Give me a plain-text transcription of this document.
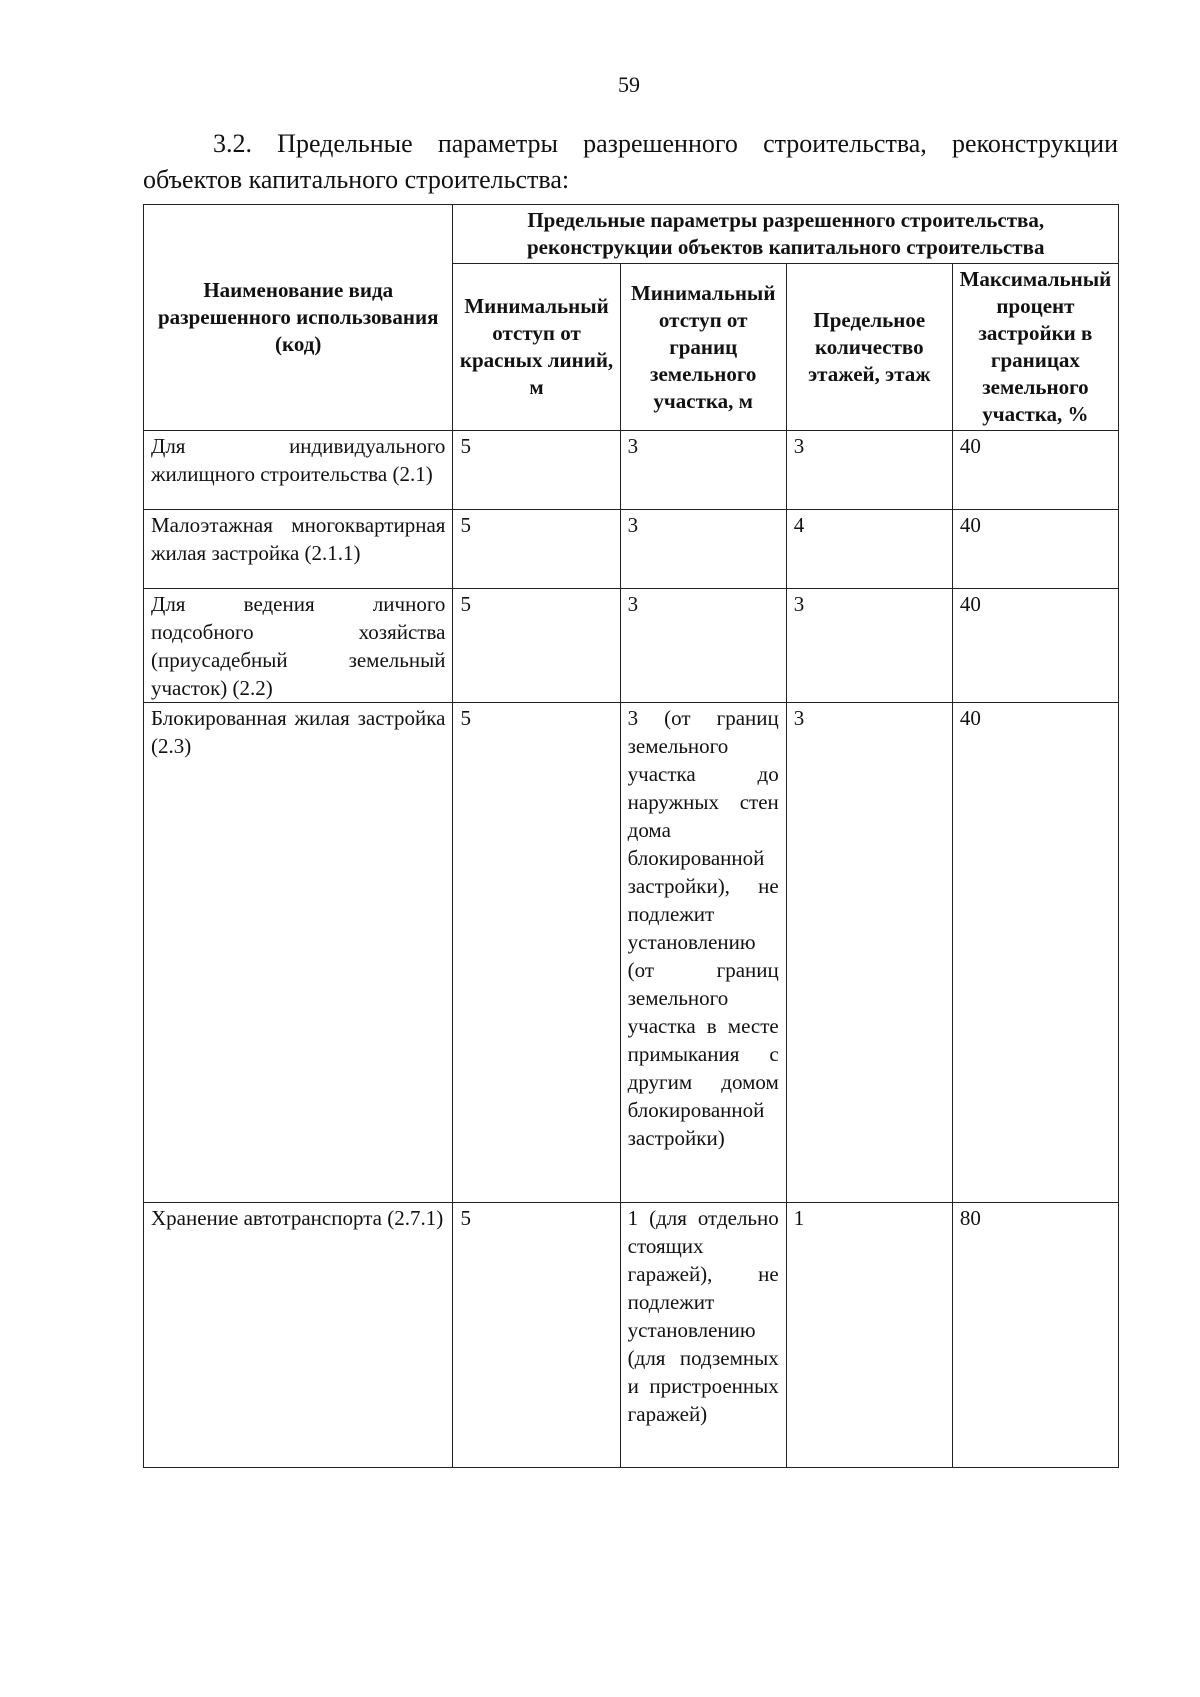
59

3.2. Предельные параметры разрешенного строительства, реконструкции объектов капитального строительства:

Наименование вида разрешенного использования (код)	Предельные параметры разрешенного строительства, реконструкции объектов капитального строительства			
	Минимальный отступ от красных линий, м	Минимальный отступ от границ земельного участка, м	Предельное количество этажей, этаж	Максимальный процент застройки в границах земельного участка, %
Для индивидуального жилищного строительства (2.1)	5	3	3	40
Малоэтажная многоквартирная жилая застройка (2.1.1)	5	3	4	40
Для ведения личного подсобного хозяйства (приусадебный земельный участок) (2.2)	5	3	3	40
Блокированная жилая застройка (2.3)	5	3 (от границ земельного участка до наружных стен дома блокированной застройки), не подлежит установлению (от границ земельного участка в месте примыкания с другим домом блокированной застройки)	3	40
Хранение автотранспорта (2.7.1)	5	1 (для отдельно стоящих гаражей), не подлежит установлению (для подземных и пристроенных гаражей)	1	80
